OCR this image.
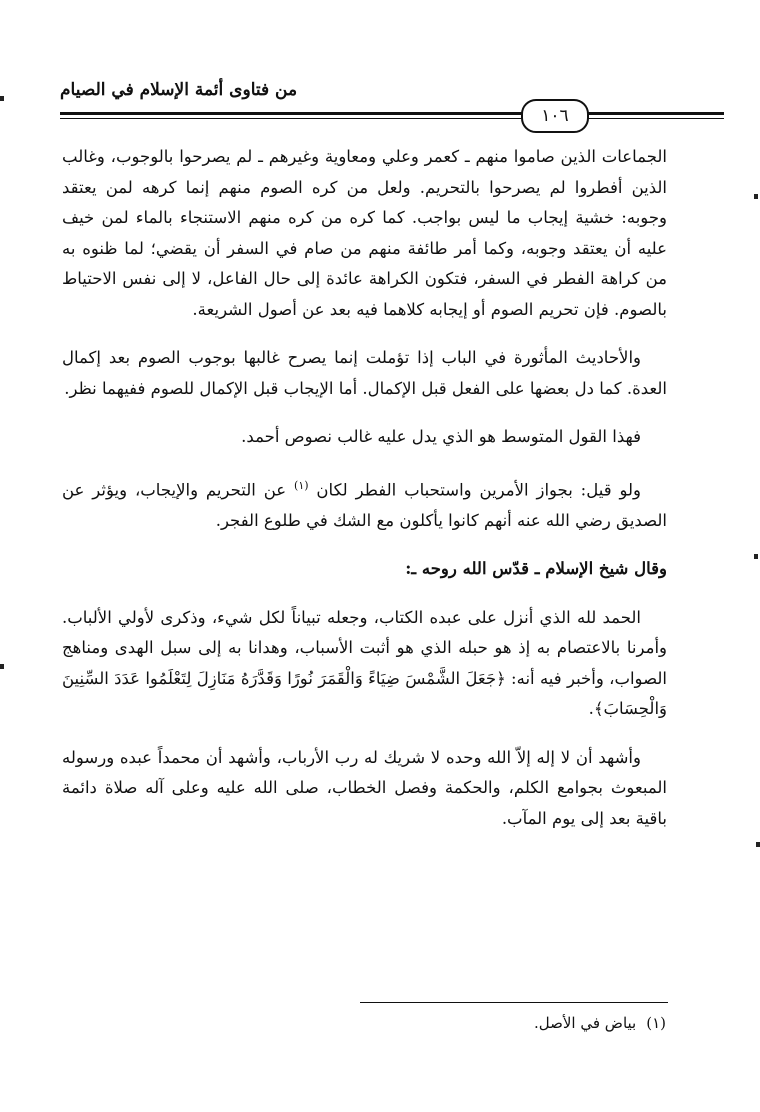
من فتاوى أئمة الإسلام في الصيام
١٠٦

الجماعات الذين صاموا منهم ـ كعمر وعلي ومعاوية وغيرهم ـ لم يصرحوا بالوجوب، وغالب الذين أفطروا لم يصرحوا بالتحريم. ولعل من كره الصوم منهم إنما كرهه لمن يعتقد وجوبه: خشية إيجاب ما ليس بواجب. كما كره من كره منهم الاستنجاء بالماء لمن خيف عليه أن يعتقد وجوبه، وكما أمر طائفة منهم من صام في السفر أن يقضي؛ لما ظنوه به من كراهة الفطر في السفر، فتكون الكراهة عائدة إلى حال الفاعل، لا إلى نفس الاحتياط بالصوم. فإن تحريم الصوم أو إيجابه كلاهما فيه بعد عن أصول الشريعة.

والأحاديث المأثورة في الباب إذا تؤملت إنما يصرح غالبها بوجوب الصوم بعد إكمال العدة. كما دل بعضها على الفعل قبل الإكمال. أما الإيجاب قبل الإكمال للصوم ففيهما نظر.

فهذا القول المتوسط هو الذي يدل عليه غالب نصوص أحمد.

ولو قيل: بجواز الأمرين واستحباب الفطر لكان $^{(١)}$ عن التحريم والإيجاب، ويؤثر عن الصديق رضي الله عنه أنهم كانوا يأكلون مع الشك في طلوع الفجر.

وقال شيخ الإسلام ـ قدّس الله روحه ـ:

الحمد لله الذي أنزل على عبده الكتاب، وجعله تبياناً لكل شيء، وذكرى لأولي الألباب. وأمرنا بالاعتصام به إذ هو حبله الذي هو أثبت الأسباب، وهدانا به إلى سبل الهدى ومناهج الصواب، وأخبر فيه أنه: ﴿جَعَلَ الشَّمْسَ ضِيَاءً وَالْقَمَرَ نُورًا وَقَدَّرَهُ مَنَازِلَ لِتَعْلَمُوا عَدَدَ السِّنِينَ وَالْحِسَابَ﴾.

وأشهد أن لا إله إلاّ الله وحده لا شريك له رب الأرباب، وأشهد أن محمداً عبده ورسوله المبعوث بجوامع الكلم، والحكمة وفصل الخطاب، صلى الله عليه وعلى آله صلاة دائمة باقية بعد إلى يوم المآب.

(١)بياض في الأصل.
